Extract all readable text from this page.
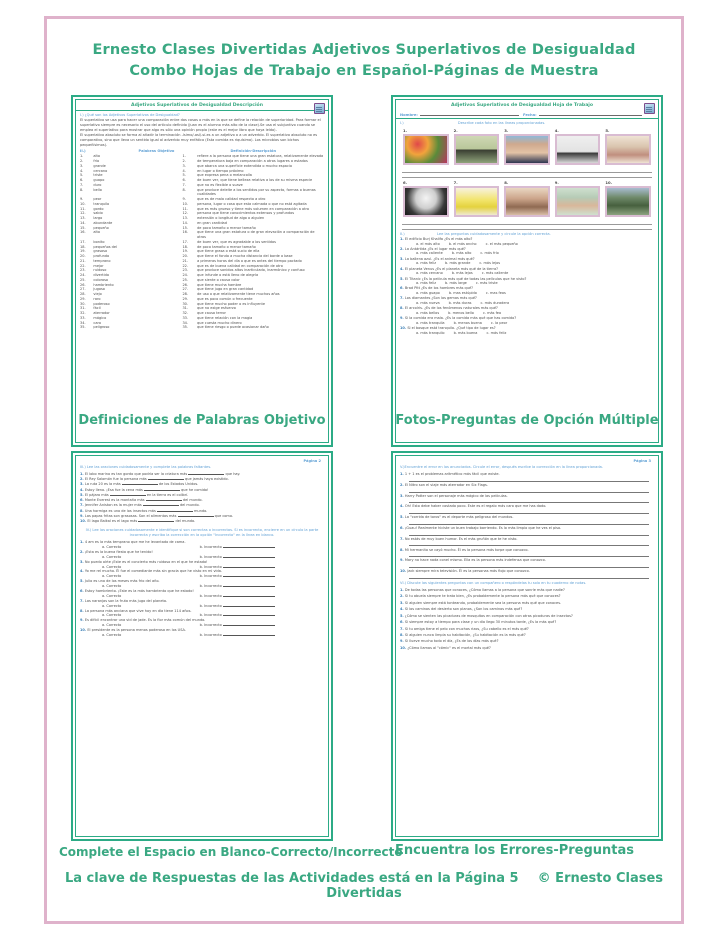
Ernesto Clases Divertidas Adjetivos Superlativos de Desigualdad
Combo Hojas de Trabajo en Español-Páginas de Muestra
Adjetivos Superlativos de Desigualdad Descripción
I.) ¿Qué son los Adjetivos Superlativos de Desigualdad?
El superlativo se usa para hacer una comparación entre dos cosas o más en la que se define la relación de superioridad. Para formar el superlativo siempre es necesario el uso del artículo definido (Juan es el alumno más alto de la clase).Se usa el subjuntivo cuando se emplea el superlativo para mostrar que algo es sólo una opinión propia (este es el mejor libro que haya leído).
El superlativo absoluto se forma al añadir la terminación -ísimo/-así/-sí-es a un adjetivo o a un adverbio. El superlativo absoluto no es comparativo, sino que lleva un sentido igual al adverbio muy enfático (Esta comida es riquísima). Los microbios son bichos pequeñísimos).
II.)	Palabras Objetivo	Definición-Descripción
1.	alto	1.	refiere a la persona que tiene una gran estatura, relativamente elevada
2.	frío	2.	de temperatura baja en comparación a otros lugares o estados
3.	grande	3.	que abarca una superficie extendida o mucho espacio
4.	cercano	4.	en lugar o tiempo próximo
5.	triste	5.	que expresa pena o melancolía
6.	guapo	6.	de buen ver, que tiene belleza relativa a los de su misma especie
7.	duro	7.	que no es flexible o suave
8.	bello	8.	que produce deleite a los sentidos por su aspecto, formas o buenas cualidades
9.	peor	9.	que es de mala calidad respecto a otro
10.	tranquilo	10.	persona, lugar o cosa que esta calmada o que no está agitada
11.	gordo	11.	que es más grueso y tiene más volumen en comparación a otro
12.	sabio	12.	persona que tiene conocimientos extensos y profundos
13.	largo	13.	extensión o longitud de algo o alguien
14.	abundante	14.	en gran cantidad
15.	pequeño	15.	de poco tamaño o menor tamaño
16.	alto	16.	que tiene una gran estatura o de gran elevación a comparación de otros
17.	bonito	17.	de buen ver, que es agradable a los sentidos
18.	pequeños del	18.	de poco tamaño o menor tamaño
19.	grasoso	19.	que tiene grasa o está sucio de ella
20.	profundo	20.	que tiene el fondo a mucha distancia del borde o base
21.	temprano	21.	a primeras horas del día o que es antes del tiempo pactado
22.	mejor	22.	que es de buena calidad en comparación de otro
23.	ruidoso	23.	que produce sonidos altos inarticulado, inarmónico y confuso
24.	divertido	24.	que infunde o está lleno de alegría
25.	coloroso	25.	que siente o causa color
26.	hambriento	26.	que tiene mucha hambre
27.	jugoso	27.	que tiene jugo en gran cantidad
28.	viejo	28.	de uso o que relativamente tiene muchos años
29.	raro	29.	que es poco común o frecuente
30.	poderoso	30.	que tiene mucho poder o es influyente
31.	fácil	31.	que no exige esfuerzo
32.	aterrador	32.	que causa terror
33.	mágico	33.	que tiene relación con la magia
34.	caro	34.	que cuesta mucho dinero
35.	peligroso	35.	que tiene riesgo o puede ocasionar daño
Adjetivos Superlativos de Desigualdad Hoja de Trabajo
Nombre:	Fecha:
I.)	Describe cada foto en las líneas proporcionadas.
1.	2.	3.	4.	5.
6.	7.	8.	9.	10.
II.)	Lee las preguntas cuidadosamente y circule la opción correcta.
1. El edificio Burj Khalifa ¿Es el más alto?
a. el más alto	b. el más ancho	c. el más pequeño
2. La Antártida ¿Es el lugar más qué?
a. más caliente	b. más alto	c. más frío
3. La ballena azul. ¿Es el animal más qué?
a. más feliz	b. más grande	c. más lejos
4. El planeta Venus ¿Es el planeta más qué de la tierra?
a. más cercano	b. más lejos	c. más caliente
5. El Titanic ¿Es la película más qué de todas las películas que he visto?
a. más feliz	b. más large	c. más triste
6. Brad Pitt ¿Es de los hombres más qué?
a. más guapo	b. mas estúpido	c. mas feos
7. Los diamantes ¿Son los gemas más qué?
a. más nueva	b. más duras	c. más duradera
8. El arcoíris. ¿Es de los fenómenos naturales más qué?
a. más bellos	b. menos bello	c. más feo
9. Si la comida era mala. ¿Es la comida más qué que has comido?
a. más tranquila	b. menos buena	c. la peor
10. Si el bosque está tranquilo. ¿Qué tipo de lugar es?
a. más tranquilo	b. más buena	c. más feliz
Definiciones de Palabras Objetivo	Fotos-Preguntas de Opción Múltiple
Página 2
III.) Lee las oraciones cuidadosamente y complete las palabras faltantes.
1. El lobo marino es tan gordo que podría ser la criatura más	que hay.
2. El Rey Salomón fue la persona más	que jamás haya existido.
3. La ruta 20 es la más	de los Estados Unidos.
4. Estoy lleno. ¡Esa fue la cena más	que he comido!
5. El pájaro más	en la tierra es el colibrí.
6. Monte Everest es la montaña más	del mundo.
7. Jennifer Aniston es la mujer más	del mundo.
8. Una hormiga es uno de los insectos más	mundo.
9. Las papas fritas son grasosas. Son el alimentos más	que como.
10. El lago Baikal es el lago más	del mundo.
IV.) Lee las oraciones cuidadosamente e identifique si son correctas o incorrectas. Si es incorrecto, encierre en un círculo la parte incorrecta y escriba la corrección en la opción "Incorrecto" en la línea en blanco.
1. 4 am es la más temprano que me he levantado de cama.
a. Correcto	b. Incorrecto
2. ¡Esta es la buena fiesta que he tenido!
a. Correcto	b. Incorrecto
3. No puedo oírte ¡Este es el concierto más ruidoso en el que he estado!
a. Correcto	b. Incorrecto
4. Yo me reí mucho. Él fue el comediante más sin gracia que he visto en mi vida.
a. Correcto	b. Incorrecto
5. Julio es uno de los meses más frio del año.
a. Correcto	b. Incorrecto
6. Estoy hambriento. ¡Este es la más hambriento que he estado!
a. Correcto	b. Incorrecto
7. Las naranjas son la fruta más jugo del planeta.
a. Correcto	b. Incorrecto
8. La persona más anciana que vive hoy en día tiene 114 años.
a. Correcto	b. Incorrecto
9. Es difícil encontrar una vid de jade. Es la flor más común del mundo.
a. Correcto	b. Incorrecto
10. El presidente es la persona menos poderosa en los USA.
a. Correcto	b. Incorrecto
Página 3
V.)Encuentre el error en los anunciados. Circule el error, después escribe la corrección en la línea proporcionada.
1. 1 + 1 es el problemas aritmético más fácil que existe.
2. El Nitro son el viaje más aterrador en Six Flags.
3. Harry Potter son el personaje más mágico de las películas.
4. Oh! Esto debe haber costado poco. Este es el regalo más caro que me has dado.
5. La "corrida de toros" es el deporte más peligroso del mundos.
6. ¡Guau! Realmente hiciste un buen trabajo barriendo. Es lo más limpio que he ves el piso.
7. No estás de muy buen humor. Es el más gruñón que te he visto.
8. Mi hermanito se cayó mucho. Él es la persona más torpe que conozco.
9. Mary no hace nada conel mismo. Ella es la persona más indefensa que conozco.
10. Jack siempre mira televisión. Él es la personas más flojo que conozco.
VI.) Discute las siguientes preguntas con un compañero o respóndelas tu solo en tu cuaderno de notas.
1. De todas las personas que conoces, ¿Cómo llamas a la persona que sonríe más que nadie?
2. Si tu abuela siempre te trata bien, ¿Es probablemente la persona más qué que conoces?
3. Si alguien siempre está tonteando, probablemente sea la persona más qué que conoces.
4. Si los caminos del desierto son planos, ¿Son los caminos más qué?
5. ¿Cómo se sienten las picaduras de mosquitos en comparación con otras picaduras de insectos?
6. Si siempre estoy a tiempo para clase y un día llego 30 minutos tarde, ¿Es la más qué?
7. Si tu amiga tiene el pelo con muchos rizos, ¿Su cabello es el más qué?
8. Si alguien nunca limpia su habitación, ¿Su habitación es la más qué?
9. Si llueve mucho todo el día, ¿Es de los días más qué?
10. ¿Cómo llamas al "cómic" es el mortal más qué?
Complete el Espacio en Blanco-Correcto/Incorrecto
Encuentra los Errores-Preguntas
La clave de Respuestas de las Actividades está en la Página 5 © Ernesto Clases Divertidas
